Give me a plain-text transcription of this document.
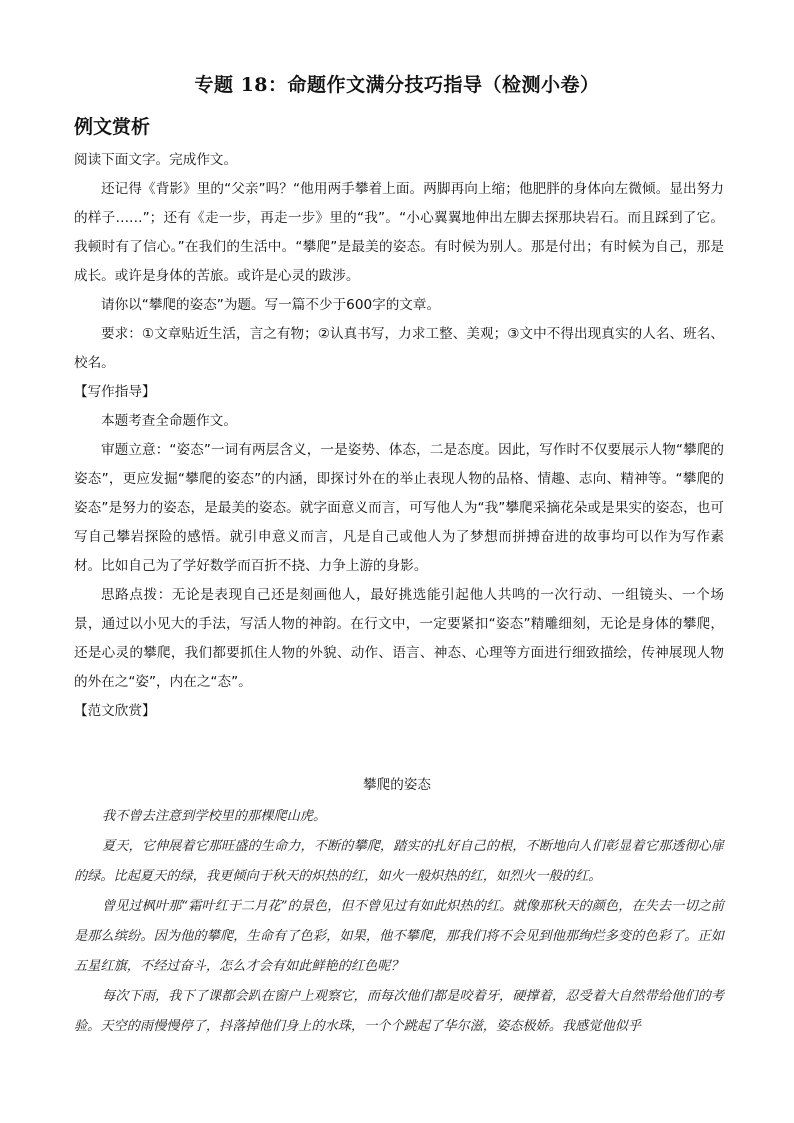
专题 18：命题作文满分技巧指导（检测小卷）
例文赏析

阅读下面文字。完成作文。

还记得《背影》里的“父亲”吗？“他用两手攀着上面。两脚再向上缩；他肥胖的身体向左微倾。显出努力的样子……”；还有《走一步，再走一步》里的“我”。“小心翼翼地伸出左脚去探那块岩石。而且踩到了它。我顿时有了信心。”在我们的生活中。“攀爬”是最美的姿态。有时候为别人。那是付出；有时候为自己，那是成长。或许是身体的苦旅。或许是心灵的跋涉。

请你以“攀爬的姿态”为题。写一篇不少于600字的文章。

要求：①文章贴近生活，言之有物；②认真书写，力求工整、美观；③文中不得出现真实的人名、班名、校名。

【写作指导】

本题考查全命题作文。

审题立意：“姿态”一词有两层含义，一是姿势、体态，二是态度。因此，写作时不仅要展示人物“攀爬的姿态”，更应发掘“攀爬的姿态”的内涵，即探讨外在的举止表现人物的品格、情趣、志向、精神等。“攀爬的姿态”是努力的姿态，是最美的姿态。就字面意义而言，可写他人为“我”攀爬采摘花朵或是果实的姿态，也可写自己攀岩探险的感悟。就引申意义而言，凡是自己或他人为了梦想而拼搏奋进的故事均可以作为写作素材。比如自己为了学好数学而百折不挠、力争上游的身影。

思路点拨：无论是表现自己还是刻画他人，最好挑选能引起他人共鸣的一次行动、一组镜头、一个场景，通过以小见大的手法，写活人物的神韵。在行文中，一定要紧扣“姿态”精雕细刻，无论是身体的攀爬，还是心灵的攀爬，我们都要抓住人物的外貌、动作、语言、神态、心理等方面进行细致描绘，传神展现人物的外在之“姿”，内在之“态”。

【范文欣赏】

攀爬的姿态

我不曾去注意到学校里的那棵爬山虎。

夏天，它伸展着它那旺盛的生命力，不断的攀爬，踏实的扎好自己的根，不断地向人们彰显着它那透彻心扉的绿。比起夏天的绿，我更倾向于秋天的炽热的红，如火一般炽热的红，如烈火一般的红。

曾见过枫叶那“霜叶红于二月花”的景色，但不曾见过有如此炽热的红。就像那秋天的颜色，在失去一切之前是那么缤纷。因为他的攀爬，生命有了色彩，如果，他不攀爬，那我们将不会见到他那绚烂多变的色彩了。正如五星红旗，不经过奋斗，怎么才会有如此鲜艳的红色呢？

每次下雨，我下了课都会趴在窗户上观察它，而每次他们都是咬着牙，硬撑着，忍受着大自然带给他们的考验。天空的雨慢慢停了，抖落掉他们身上的水珠，一个个跳起了华尔滋，姿态极娇。我感觉他似乎
